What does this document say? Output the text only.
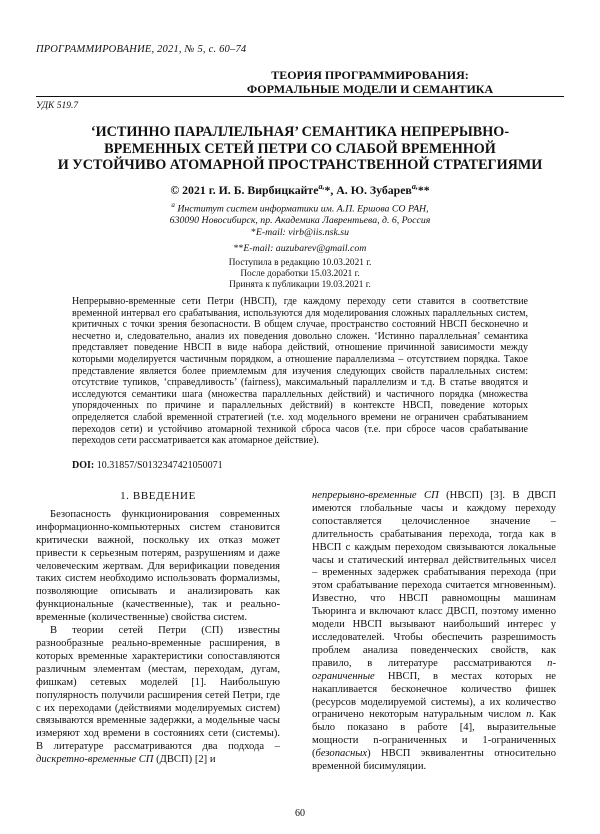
ПРОГРАММИРОВАНИЕ, 2021, № 5, с. 60–74
ТЕОРИЯ ПРОГРАММИРОВАНИЯ:
ФОРМАЛЬНЫЕ МОДЕЛИ И СЕМАНТИКА
УДК 519.7
‘ИСТИННО ПАРАЛЛЕЛЬНАЯ’ СЕМАНТИКА НЕПРЕРЫВНО-
ВРЕМЕННЫХ СЕТЕЙ ПЕТРИ СО СЛАБОЙ ВРЕМЕННОЙ
И УСТОЙЧИВО АТОМАРНОЙ ПРОСТРАНСТВЕННОЙ СТРАТЕГИЯМИ
© 2021 г. И. Б. Вирбицкайте$^{a,}$*, А. Ю. Зубарев$^{a,}$**
$^a$ Институт систем информатики им. А.П. Ершова СО РАН,
630090 Новосибирск, пр. Академика Лаврентьева, д. 6, Россия
*E-mail: virb@iis.nsk.su
**E-mail: auzubarev@gmail.com
Поступила в редакцию 10.03.2021 г.
После доработки 15.03.2021 г.
Принята к публикации 19.03.2021 г.

Непрерывно-временные сети Петри (НВСП), где каждому переходу сети ставится в соответствие временной интервал его срабатывания, используются для моделирования сложных параллельных систем, критичных с точки зрения безопасности. В общем случае, пространство состояний НВСП бесконечно и несчетно и, следовательно, анализ их поведения довольно сложен. ‘Истинно параллельная’ семантика представляет поведение НВСП в виде набора действий, отношение причинной зависимости между которыми моделируется частичным порядком, а отношение параллелизма – отсутствием порядка. Такое представление является более приемлемым для изучения следующих свойств параллельных систем: отсутствие тупиков, ‘справедливость’ (fairness), максимальный параллелизм и т.д. В статье вводятся и исследуются семантики шага (множества параллельных действий) и частичного порядка (множества упорядоченных по причине и параллельных действий) в контексте НВСП, поведение которых определяется слабой временной стратегией (т.е. ход модельного времени не ограничен срабатыванием переходов сети) и устойчиво атомарной техникой сброса часов (т.е. при сбросе часов срабатывание переходов сети рассматривается как атомарное действие).

DOI: 10.31857/S0132347421050071

1. ВВЕДЕНИЕ

Безопасность функционирования современных информационно-компьютерных систем становится критически важной, поскольку их отказ может привести к серьезным потерям, разрушениям и даже человеческим жертвам. Для верификации поведения таких систем необходимо использовать формализмы, позволяющие описывать и анализировать как функциональные (качественные), так и реально-временные (количественные) свойства систем.

В теории сетей Петри (СП) известны разнообразные реально-временные расширения, в которых временные характеристики сопоставляются различным элементам (местам, переходам, дугам, фишкам) сетевых моделей [1]. Наибольшую популярность получили расширения сетей Петри, где с их переходами (действиями моделируемых систем) связываются временные задержки, а модельные часы измеряют ход времени в состояниях сети (системы). В литературе рассматриваются два подхода – дискретно-временные СП (ДВСП) [2] и

непрерывно-временные СП (НВСП) [3]. В ДВСП имеются глобальные часы и каждому переходу сопоставляется целочисленное значение – длительность срабатывания перехода, тогда как в НВСП с каждым переходом связываются локальные часы и статический интервал действительных чисел – временных задержек срабатывания перехода (при этом срабатывание перехода считается мгновенным). Известно, что НВСП равномощны машинам Тьюринга и включают класс ДВСП, поэтому именно модели НВСП вызывают наибольший интерес у исследователей. Чтобы обеспечить разрешимость проблем анализа поведенческих свойств, как правило, в литературе рассматриваются n-ограниченные НВСП, в местах которых не накапливается бесконечное количество фишек (ресурсов моделируемой системы), а их количество ограничено некоторым натуральным числом n. Как было показано в работе [4], выразительные мощности n-ограниченных и 1-ограниченных (безопасных) НВСП эквивалентны относительно временной бисимуляции.

60
